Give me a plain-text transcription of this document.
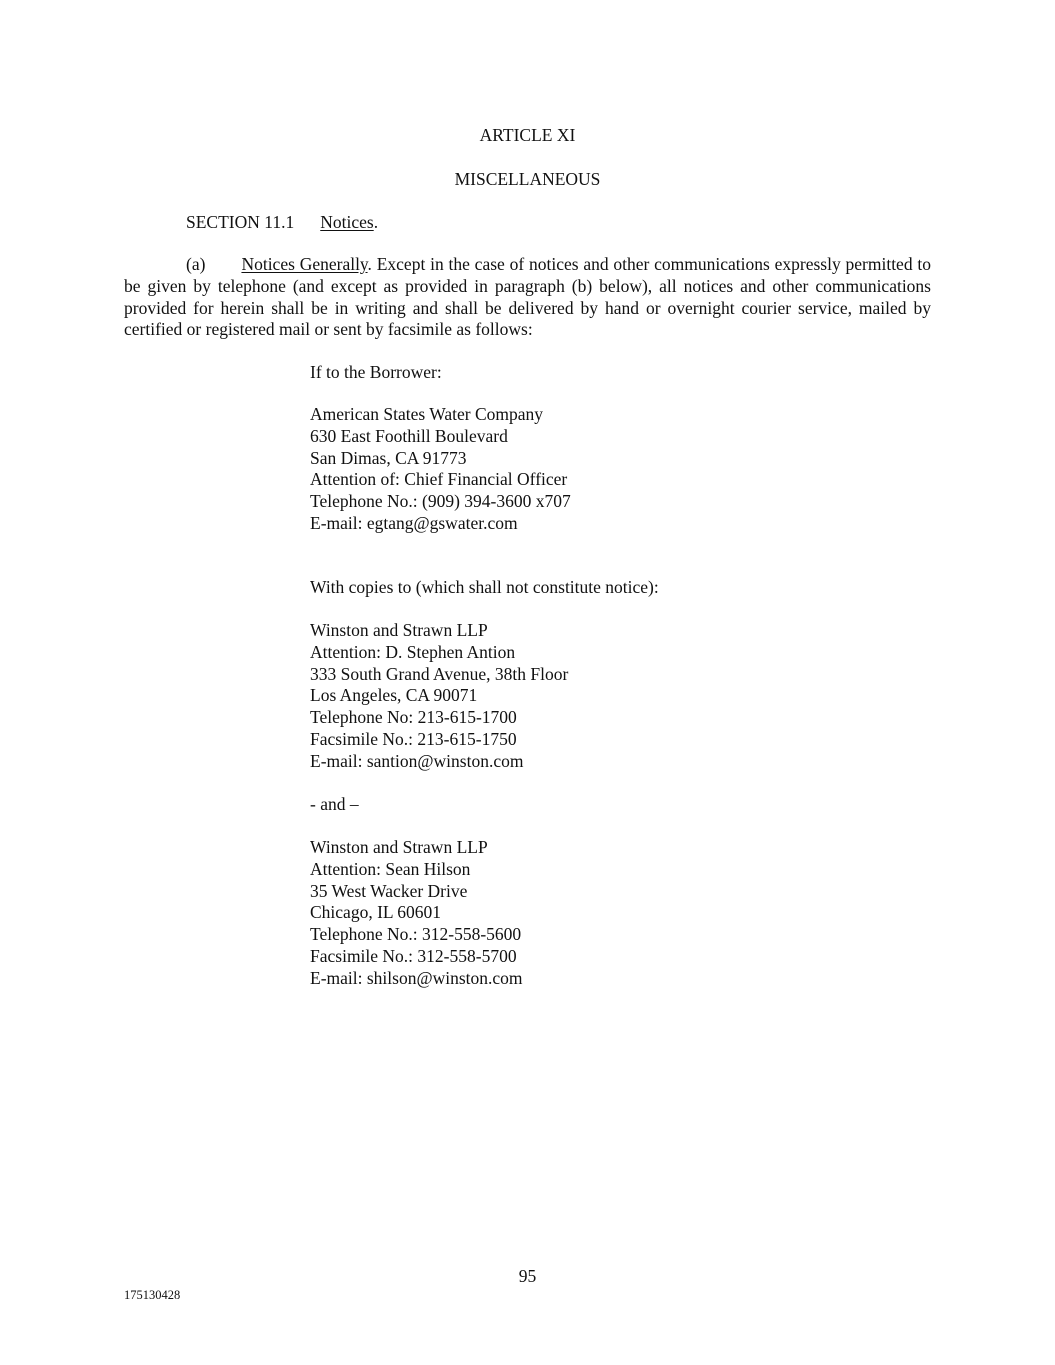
ARTICLE XI
MISCELLANEOUS
SECTION 11.1 Notices.
(a) Notices Generally. Except in the case of notices and other communications expressly permitted to be given by telephone (and except as provided in paragraph (b) below), all notices and other communications provided for herein shall be in writing and shall be delivered by hand or overnight courier service, mailed by certified or registered mail or sent by facsimile as follows:
If to the Borrower:
American States Water Company
630 East Foothill Boulevard
San Dimas, CA 91773
Attention of: Chief Financial Officer
Telephone No.: (909) 394-3600 x707
E-mail: egtang@gswater.com
With copies to (which shall not constitute notice):
Winston and Strawn LLP
Attention: D. Stephen Antion
333 South Grand Avenue, 38th Floor
Los Angeles, CA 90071
Telephone No: 213-615-1700
Facsimile No.: 213-615-1750
E-mail: santion@winston.com
- and –
Winston and Strawn LLP
Attention: Sean Hilson
35 West Wacker Drive
Chicago, IL 60601
Telephone No.: 312-558-5600
Facsimile No.: 312-558-5700
E-mail: shilson@winston.com
95
175130428
